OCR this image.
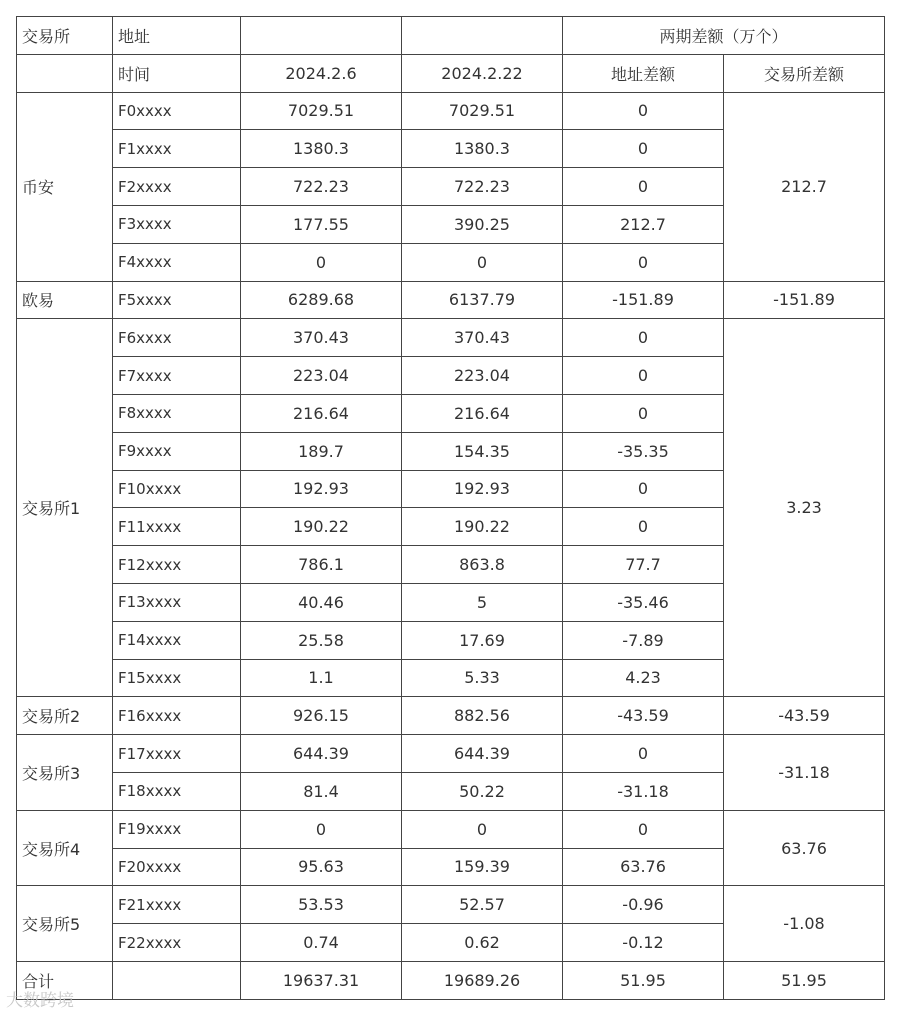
交易所	地址			两期差额（万个）	
	时间	2024.2.6	2024.2.22	地址差额	交易所差额
币安	F0xxxx	7029.51	7029.51	0	212.7
	F1xxxx	1380.3	1380.3	0	
	F2xxxx	722.23	722.23	0	
	F3xxxx	177.55	390.25	212.7	
	F4xxxx	0	0	0	
欧易	F5xxxx	6289.68	6137.79	-151.89	-151.89
交易所1	F6xxxx	370.43	370.43	0	3.23
	F7xxxx	223.04	223.04	0	
	F8xxxx	216.64	216.64	0	
	F9xxxx	189.7	154.35	-35.35	
	F10xxxx	192.93	192.93	0	
	F11xxxx	190.22	190.22	0	
	F12xxxx	786.1	863.8	77.7	
	F13xxxx	40.46	5	-35.46	
	F14xxxx	25.58	17.69	-7.89	
	F15xxxx	1.1	5.33	4.23	
交易所2	F16xxxx	926.15	882.56	-43.59	-43.59
交易所3	F17xxxx	644.39	644.39	0	-31.18
	F18xxxx	81.4	50.22	-31.18	
交易所4	F19xxxx	0	0	0	63.76
	F20xxxx	95.63	159.39	63.76	
交易所5	F21xxxx	53.53	52.57	-0.96	-1.08
	F22xxxx	0.74	0.62	-0.12	
合计		19637.31	19689.26	51.95	51.95
大数跨境
